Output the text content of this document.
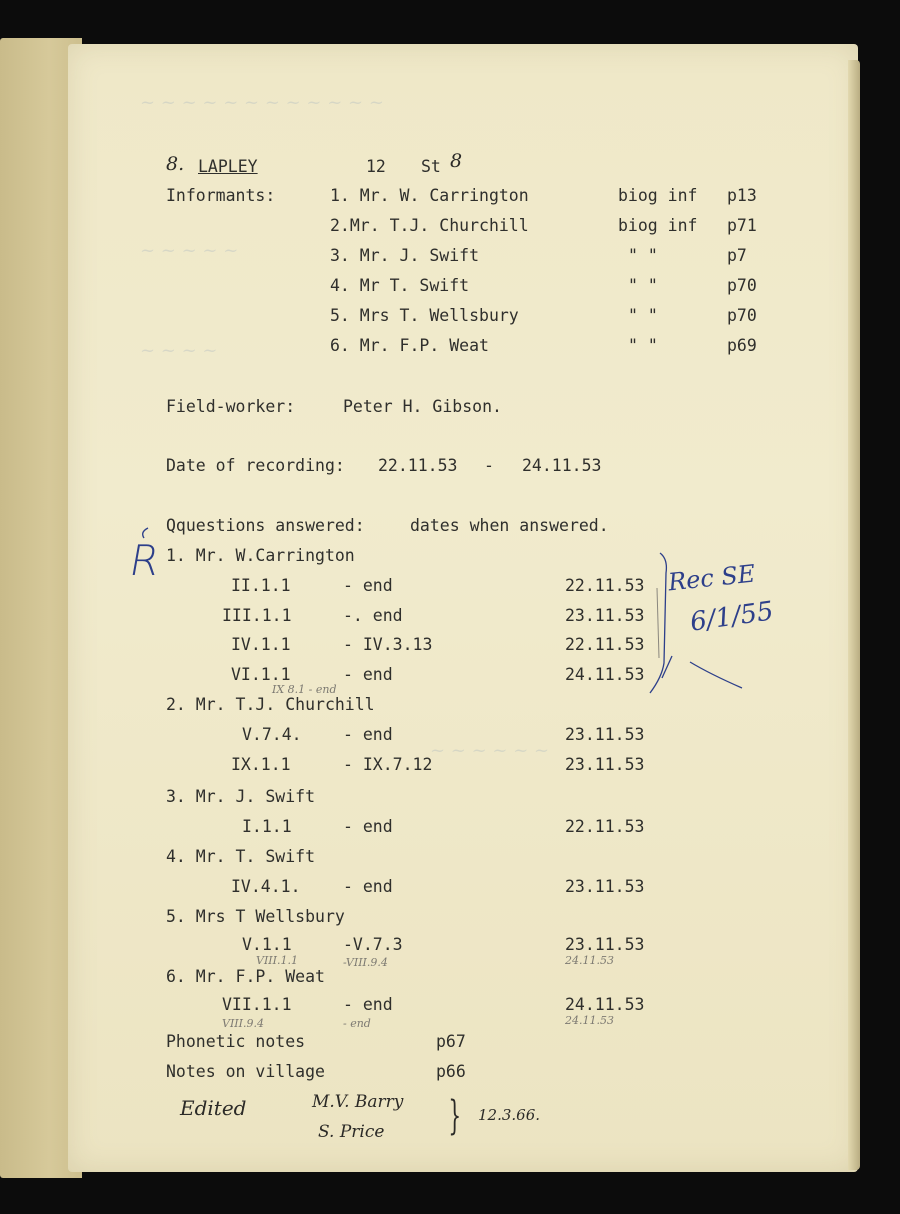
~ ~ ~ ~ ~ ~ ~ ~ ~ ~ ~ ~
~ ~ ~ ~ ~
~ ~ ~ ~
~ ~ ~ ~ ~ ~
8. LAPLEY	12 St 8
Informants:	1. Mr. W. Carrington	biog inf p13
2.Mr. T.J. Churchill	biog inf p71
3. Mr. J. Swift	" "	p7
4. Mr T. Swift	" "	p70
5. Mrs T. Wellsbury	" "	p70
6. Mr. F.P. Weat	" "	p69
Field-worker:	Peter H. Gibson.
Date of recording: 22.11.53 - 24.11.53
Qquestions answered:	dates when answered.
1. Mr. W.Carrington
II.1.1	- end	22.11.53
III.1.1	-. end	23.11.53
IV.1.1	- IV.3.13	22.11.53
VI.1.1	- end	24.11.53
IX 8.1 - end
2. Mr. T.J. Churchill
V.7.4.	- end	23.11.53
IX.1.1	- IX.7.12	23.11.53
3. Mr. J. Swift
I.1.1	- end	22.11.53
4. Mr. T. Swift
IV.4.1.	- end	23.11.53
5. Mrs T Wellsbury
V.1.1	-V.7.3	23.11.53
VIII.1.1	-VIII.9.4	24.11.53
6. Mr. F.P. Weat
VII.1.1	- end	24.11.53
VIII.9.4	- end	24.11.53
Phonetic notes	p67
Notes on village	p66
Edited	M.V. Barry
S. Price } 12.3.66.
R	Rec SE
6/1/55
